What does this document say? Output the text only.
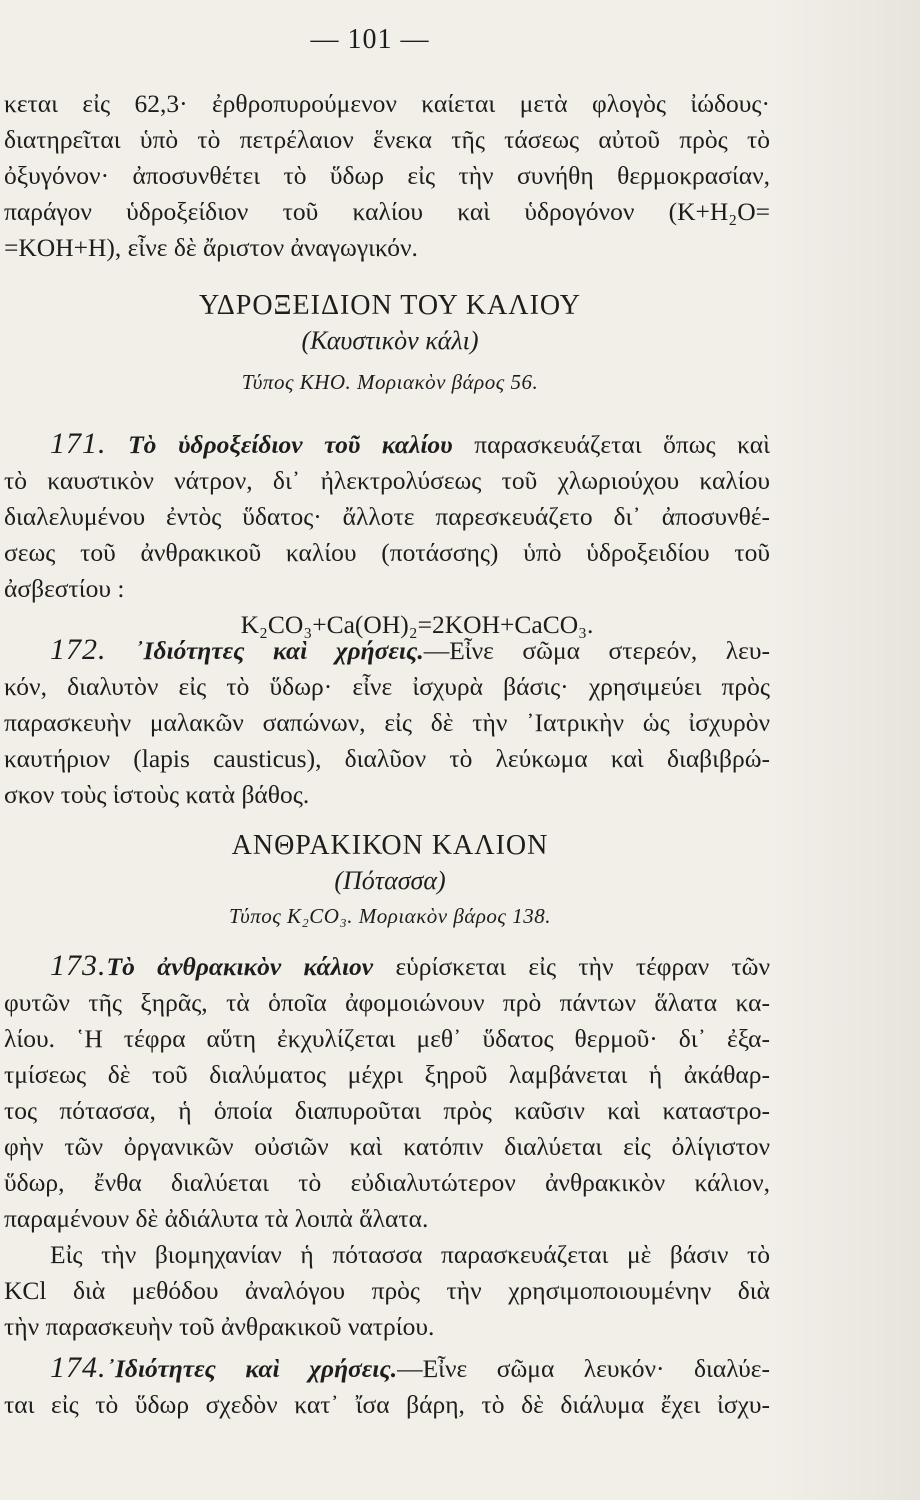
— 101 —
κεται εἰς 62,3· ἐρθροπυρούμενον καίεται μετὰ φλογὸς ἰώδους·
διατηρεῖται ὑπὸ τὸ πετρέλαιον ἕνεκα τῆς τάσεως αὐτοῦ πρὸς τὸ
ὀξυγόνον· ἀποσυνθέτει τὸ ὕδωρ εἰς τὴν συνήθη θερμοκρασίαν,
παράγον ὑδροξείδιον τοῦ καλίου καὶ ὑδρογόνον (K+H₂O=
=KOH+H), εἶνε δὲ ἄριστον ἀναγωγικόν.
ΥΔΡΟΞΕΙΔΙΟΝ ΤΟΥ ΚΑΛΙΟΥ
(Καυστικὸν κάλι)
Τύπος KHO. Μοριακὸν βάρος 56.
171. Τὸ ὑδροξείδιον τοῦ καλίου παρασκευάζεται ὅπως καὶ
τὸ καυστικὸν νάτρον, δι᾽ ἠλεκτρολύσεως τοῦ χλωριούχου καλίου
διαλελυμένου ἐντὸς ὕδατος· ἄλλοτε παρεσκευάζετο δι᾽ ἀποσυνθέ-
σεως τοῦ ἀνθρακικοῦ καλίου (ποτάσσης) ὑπὸ ὑδροξειδίου τοῦ
ἀσβεστίου :
K₂CO₃+Ca(OH)₂=2KOH+CaCO₃.
172. ᾽Ιδιότητες καὶ χρήσεις.—Εἶνε σῶμα στερεόν, λευ-
κόν, διαλυτὸν εἰς τὸ ὕδωρ· εἶνε ἰσχυρὰ βάσις· χρησιμεύει πρὸς
παρασκευὴν μαλακῶν σαπώνων, εἰς δὲ τὴν ᾽Ιατρικὴν ὡς ἰσχυρὸν
καυτήριον (lapis causticus), διαλῦον τὸ λεύκωμα καὶ διαβιβρώ-
σκον τοὺς ἱστοὺς κατὰ βάθος.
ΑΝΘΡΑΚΙΚΟΝ ΚΑΛΙΟΝ
(Πότασσα)
Τύπος K₂CO₃. Μοριακὸν βάρος 138.
173.Τὸ ἀνθρακικὸν κάλιον εὑρίσκεται εἰς τὴν τέφραν τῶν
φυτῶν τῆς ξηρᾶς, τὰ ὁποῖα ἀφομοιώνουν πρὸ πάντων ἅλατα κα-
λίου. ῾Η τέφρα αὕτη ἐκχυλίζεται μεθ᾽ ὕδατος θερμοῦ· δι᾽ ἐξα-
τμίσεως δὲ τοῦ διαλύματος μέχρι ξηροῦ λαμβάνεται ἡ ἀκάθαρ-
τος πότασσα, ἡ ὁποία διαπυροῦται πρὸς καῦσιν καὶ καταστρο-
φὴν τῶν ὀργανικῶν οὐσιῶν καὶ κατόπιν διαλύεται εἰς ὀλίγιστον
ὕδωρ, ἔνθα διαλύεται τὸ εὐδιαλυτώτερον ἀνθρακικὸν κάλιον,
παραμένουν δὲ ἀδιάλυτα τὰ λοιπὰ ἅλατα.
Εἰς τὴν βιομηχανίαν ἡ πότασσα παρασκευάζεται μὲ βάσιν τὸ
KCl διὰ μεθόδου ἀναλόγου πρὸς τὴν χρησιμοποιουμένην διὰ
τὴν παρασκευὴν τοῦ ἀνθρακικοῦ νατρίου.
174.᾽Ιδιότητες καὶ χρήσεις.—Εἶνε σῶμα λευκόν· διαλύε-
ται εἰς τὸ ὕδωρ σχεδὸν κατ᾽ ἴσα βάρη, τὸ δὲ διάλυμα ἔχει ἰσχυ-
